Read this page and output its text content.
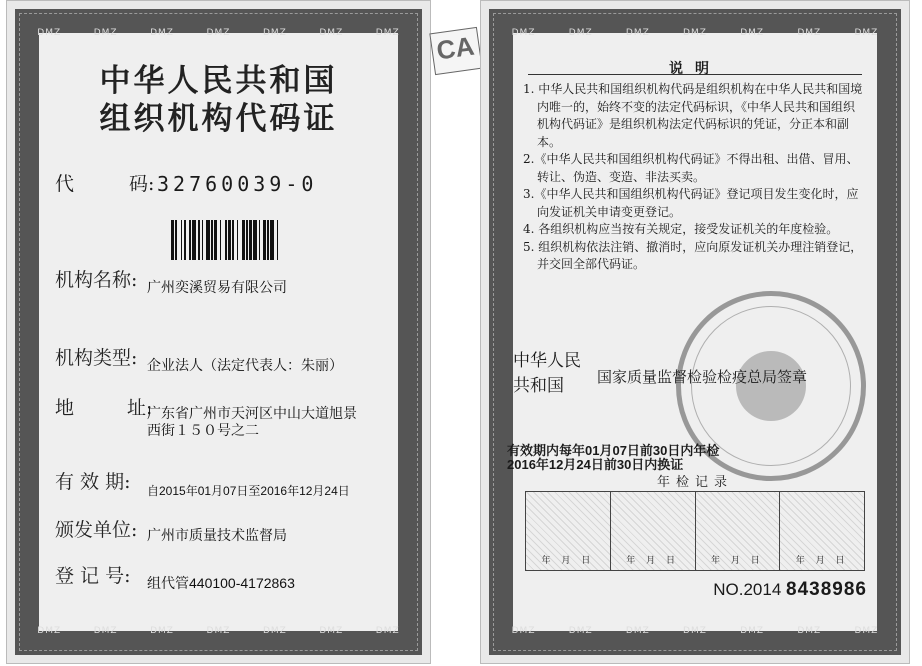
DMZ	DMZ	DMZ	DMZ	DMZ	DMZ	DMZ
DMZ	DMZ	DMZ	DMZ	DMZ	DMZ	DMZ
中华人民共和国
组织机构代码证
代	码: 32760039-0
机构名称: 广州奕溪贸易有限公司
机构类型: 企业法人（法定代表人：朱丽）
地	址:
广东省广州市天河区中山大道旭景
西街１５０号之二
有 效 期: 自2015年01月07日至2016年12月24日
颁发单位: 广州市质量技术监督局
登 记 号: 组代管440100-4172863
CA	DMZ	DMZ	DMZ	DMZ	DMZ	DMZ	DMZ
DMZ	DMZ	DMZ	DMZ	DMZ	DMZ	DMZ
说明
1. 中华人民共和国组织机构代码是组织机构在中华人民共和国境内唯一的，始终不变的法定代码标识，《中华人民共和国组织机构代码证》是组织机构法定代码标识的凭证，分正本和副本。
2.《中华人民共和国组织机构代码证》不得出租、出借、冒用、转让、伪造、变造、非法买卖。
3.《中华人民共和国组织机构代码证》登记项目发生变化时，应向发证机关申请变更登记。
4. 各组织机构应当按有关规定，接受发证机关的年度检验。
5. 组织机构依法注销、撤消时，应向原发证机关办理注销登记，并交回全部代码证。
中华人民
共和国	国家质量监督检验检疫总局签章
有效期内每年01月07日前30日内年检
2016年12月24日前30日内换证
年检记录
年 月 日	年 月 日	年 月 日	年 月 日
NO.2014 8438986
